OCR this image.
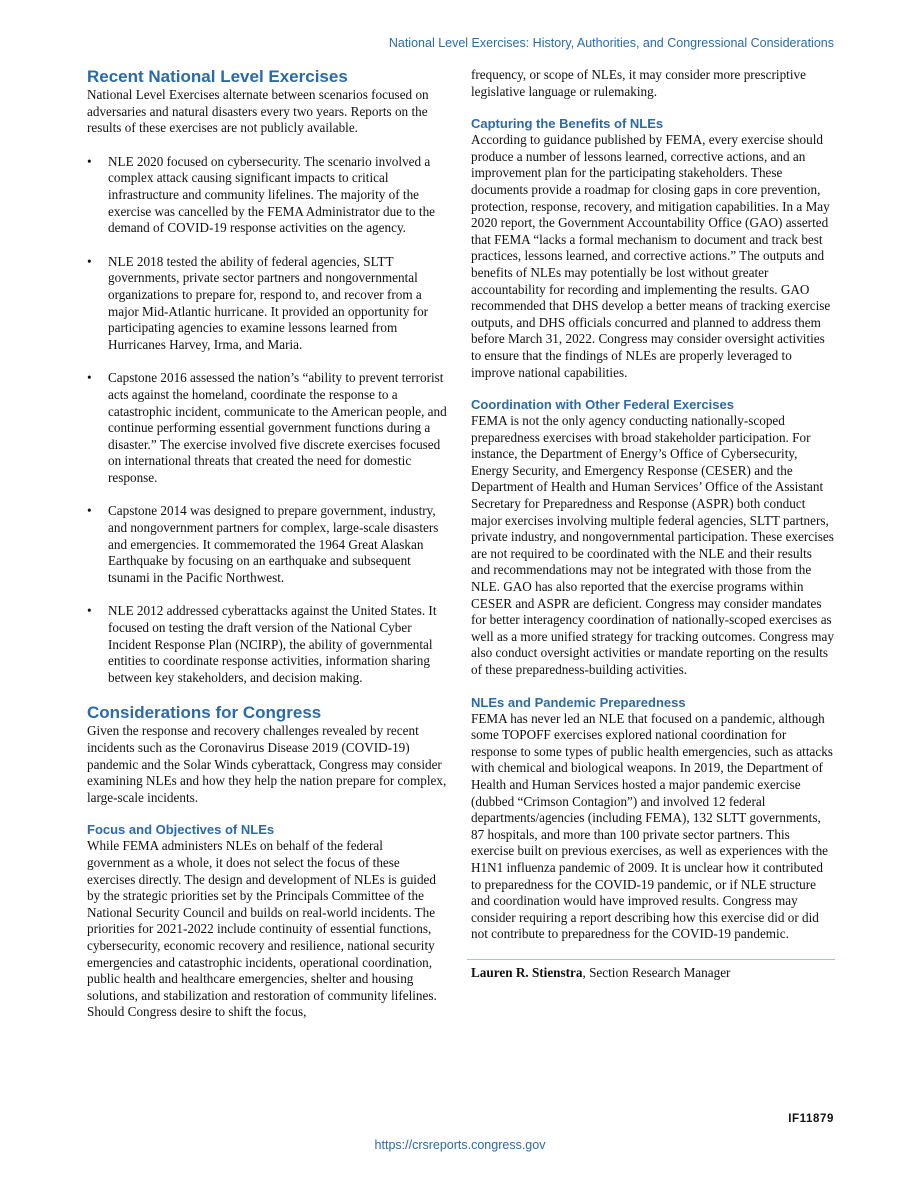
National Level Exercises: History, Authorities, and Congressional Considerations
Recent National Level Exercises

National Level Exercises alternate between scenarios focused on adversaries and natural disasters every two years. Reports on the results of these exercises are not publicly available.

• NLE 2020 focused on cybersecurity. The scenario involved a complex attack causing significant impacts to critical infrastructure and community lifelines. The majority of the exercise was cancelled by the FEMA Administrator due to the demand of COVID-19 response activities on the agency.
• NLE 2018 tested the ability of federal agencies, SLTT governments, private sector partners and nongovernmental organizations to prepare for, respond to, and recover from a major Mid-Atlantic hurricane. It provided an opportunity for participating agencies to examine lessons learned from Hurricanes Harvey, Irma, and Maria.
• Capstone 2016 assessed the nation’s “ability to prevent terrorist acts against the homeland, coordinate the response to a catastrophic incident, communicate to the American people, and continue performing essential government functions during a disaster.” The exercise involved five discrete exercises focused on international threats that created the need for domestic response.
• Capstone 2014 was designed to prepare government, industry, and nongovernment partners for complex, large-scale disasters and emergencies. It commemorated the 1964 Great Alaskan Earthquake by focusing on an earthquake and subsequent tsunami in the Pacific Northwest.
• NLE 2012 addressed cyberattacks against the United States. It focused on testing the draft version of the National Cyber Incident Response Plan (NCIRP), the ability of governmental entities to coordinate response activities, information sharing between key stakeholders, and decision making.
Considerations for Congress

Given the response and recovery challenges revealed by recent incidents such as the Coronavirus Disease 2019 (COVID-19) pandemic and the Solar Winds cyberattack, Congress may consider examining NLEs and how they help the nation prepare for complex, large-scale incidents.

Focus and Objectives of NLEs

While FEMA administers NLEs on behalf of the federal government as a whole, it does not select the focus of these exercises directly. The design and development of NLEs is guided by the strategic priorities set by the Principals Committee of the National Security Council and builds on real-world incidents. The priorities for 2021-2022 include continuity of essential functions, cybersecurity, economic recovery and resilience, national security emergencies and catastrophic incidents, operational coordination, public health and healthcare emergencies, shelter and housing solutions, and stabilization and restoration of community lifelines. Should Congress desire to shift the focus,

frequency, or scope of NLEs, it may consider more prescriptive legislative language or rulemaking.

Capturing the Benefits of NLEs

According to guidance published by FEMA, every exercise should produce a number of lessons learned, corrective actions, and an improvement plan for the participating stakeholders. These documents provide a roadmap for closing gaps in core prevention, protection, response, recovery, and mitigation capabilities. In a May 2020 report, the Government Accountability Office (GAO) asserted that FEMA “lacks a formal mechanism to document and track best practices, lessons learned, and corrective actions.” The outputs and benefits of NLEs may potentially be lost without greater accountability for recording and implementing the results. GAO recommended that DHS develop a better means of tracking exercise outputs, and DHS officials concurred and planned to address them before March 31, 2022. Congress may consider oversight activities to ensure that the findings of NLEs are properly leveraged to improve national capabilities.

Coordination with Other Federal Exercises

FEMA is not the only agency conducting nationally-scoped preparedness exercises with broad stakeholder participation. For instance, the Department of Energy’s Office of Cybersecurity, Energy Security, and Emergency Response (CESER) and the Department of Health and Human Services’ Office of the Assistant Secretary for Preparedness and Response (ASPR) both conduct major exercises involving multiple federal agencies, SLTT partners, private industry, and nongovernmental participation. These exercises are not required to be coordinated with the NLE and their results and recommendations may not be integrated with those from the NLE. GAO has also reported that the exercise programs within CESER and ASPR are deficient. Congress may consider mandates for better interagency coordination of nationally-scoped exercises as well as a more unified strategy for tracking outcomes. Congress may also conduct oversight activities or mandate reporting on the results of these preparedness-building activities.

NLEs and Pandemic Preparedness

FEMA has never led an NLE that focused on a pandemic, although some TOPOFF exercises explored national coordination for response to some types of public health emergencies, such as attacks with chemical and biological weapons. In 2019, the Department of Health and Human Services hosted a major pandemic exercise (dubbed “Crimson Contagion”) and involved 12 federal departments/agencies (including FEMA), 132 SLTT governments, 87 hospitals, and more than 100 private sector partners. This exercise built on previous exercises, as well as experiences with the H1N1 influenza pandemic of 2009. It is unclear how it contributed to preparedness for the COVID-19 pandemic, or if NLE structure and coordination would have improved results. Congress may consider requiring a report describing how this exercise did or did not contribute to preparedness for the COVID-19 pandemic.

Lauren R. Stienstra, Section Research Manager

IF11879
https://crsreports.congress.gov
